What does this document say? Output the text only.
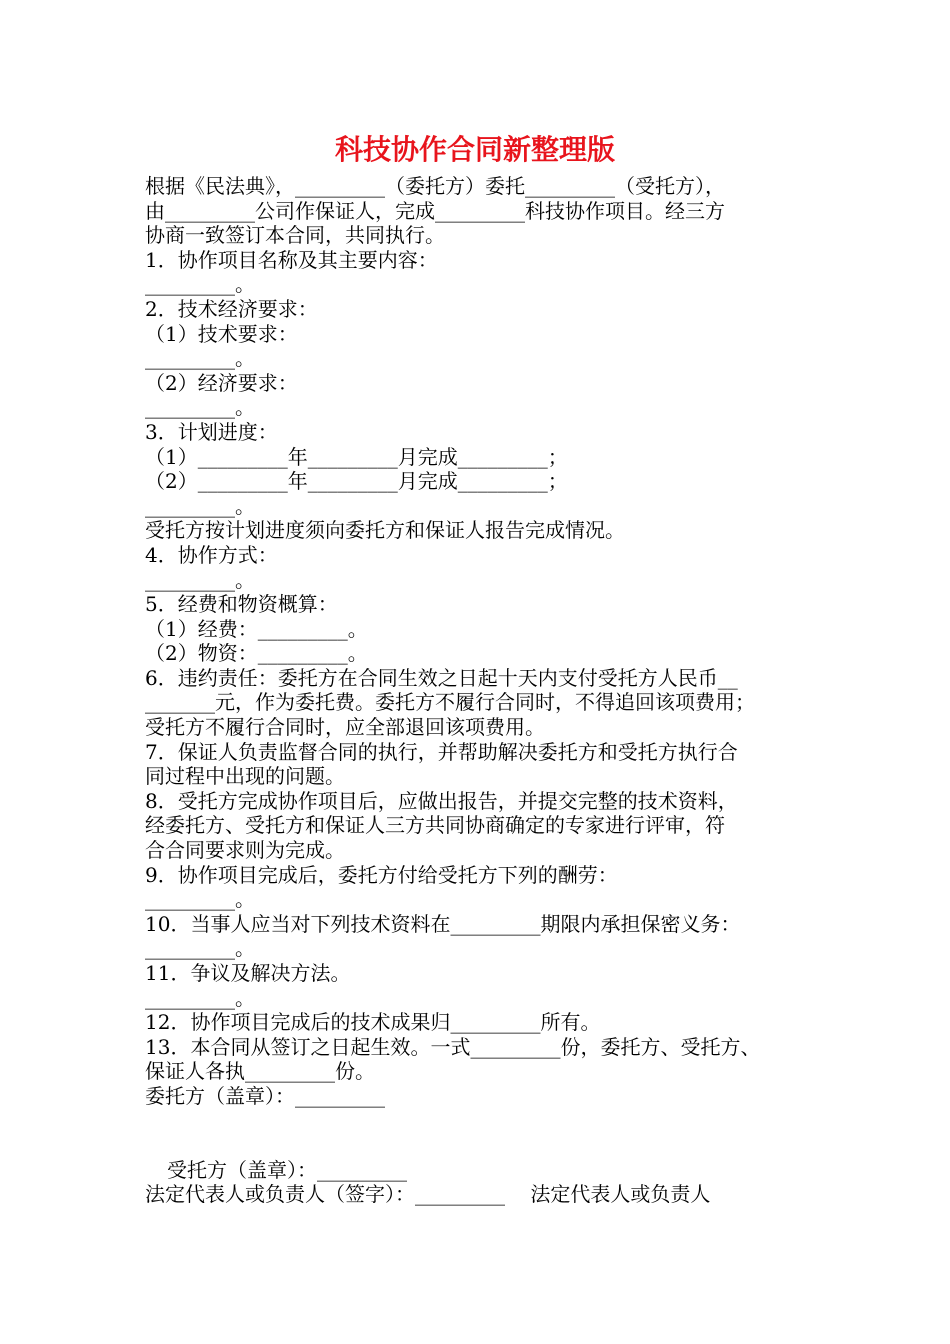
科技协作合同新整理版
根据《民法典》，_________（委托方）委托_________（受托方），
由_________公司作保证人，完成_________科技协作项目。经三方
协商一致签订本合同，共同执行。
1．协作项目名称及其主要内容：
_________。
2．技术经济要求：
（1）技术要求：
_________。
（2）经济要求：
_________。
3．计划进度：
（1）_________年_________月完成_________；
（2）_________年_________月完成_________；
_________。
受托方按计划进度须向委托方和保证人报告完成情况。
4．协作方式：
_________。
5．经费和物资概算：
（1）经费：_________。
（2）物资：_________。
6．违约责任：委托方在合同生效之日起十天内支付受托方人民币__
_______元，作为委托费。委托方不履行合同时，不得追回该项费用；
受托方不履行合同时，应全部退回该项费用。
7．保证人负责监督合同的执行，并帮助解决委托方和受托方执行合
同过程中出现的问题。
8．受托方完成协作项目后，应做出报告，并提交完整的技术资料，
经委托方、受托方和保证人三方共同协商确定的专家进行评审，符
合合同要求则为完成。
9．协作项目完成后，委托方付给受托方下列的酬劳：
_________。
10．当事人应当对下列技术资料在_________期限内承担保密义务：
_________。
11．争议及解决方法。
_________。
12．协作项目完成后的技术成果归_________所有。
13．本合同从签订之日起生效。一式_________份，委托方、受托方、
保证人各执_________份。
委托方（盖章）：_________
受托方（盖章）：_________
法定代表人或负责人（签字）：_________    法定代表人或负责人
